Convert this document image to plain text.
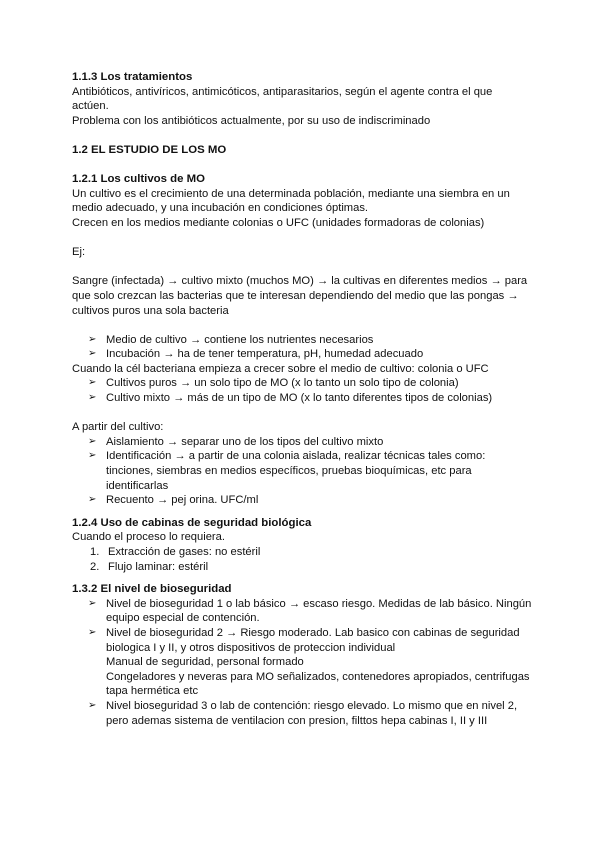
1.1.3 Los tratamientos

Antibióticos, antivíricos, antimicóticos, antiparasitarios, según el agente contra el que actúen.

Problema con los antibióticos actualmente, por su uso de indiscriminado

1.2 EL ESTUDIO DE LOS MO
1.2.1 Los cultivos de MO

Un cultivo es el crecimiento de una determinada población, mediante una siembra en un medio adecuado, y una incubación en condiciones óptimas.

Crecen en los medios mediante colonias o UFC (unidades formadoras de colonias)

Ej:

Sangre (infectada) → cultivo mixto (muchos MO) → la cultivas en diferentes medios → para que solo crezcan las bacterias que te interesan dependiendo del medio que las pongas → cultivos puros una sola bacteria

➢ Medio de cultivo → contiene los nutrientes necesarios
➢ Incubación → ha de tener temperatura, pH, humedad adecuado

Cuando la cél bacteriana empieza a crecer sobre el medio de cultivo: colonia o UFC

➢ Cultivos puros → un solo tipo de MO (x lo tanto un solo tipo de colonia)
➢ Cultivo mixto → más de un tipo de MO (x lo tanto diferentes tipos de colonias)

A partir del cultivo:

➢ Aislamiento → separar uno de los tipos del cultivo mixto
➢ Identificación → a partir de una colonia aislada, realizar técnicas tales como: tinciones, siembras en medios específicos, pruebas bioquímicas, etc para identificarlas
➢ Recuento → pej orina. UFC/ml
1.2.4 Uso de cabinas de seguridad biológica

Cuando el proceso lo requiera.

1. Extracción de gases: no estéril
2. Flujo laminar: estéril
1.3.2 El nivel de bioseguridad
➢ Nivel de bioseguridad 1 o lab básico → escaso riesgo. Medidas de lab básico. Ningún equipo especial de contención.
➢ Nivel de bioseguridad 2 → Riesgo moderado. Lab basico con cabinas de seguridad biologica I y II, y otros dispositivos de proteccion individual
Manual de seguridad, personal formado
Congeladores y neveras para MO señalizados, contenedores apropiados, centrifugas tapa hermética etc
➢ Nivel bioseguridad 3 o lab de contención: riesgo elevado. Lo mismo que en nivel 2, pero ademas sistema de ventilacion con presion, filttos hepa cabinas I, II y III
